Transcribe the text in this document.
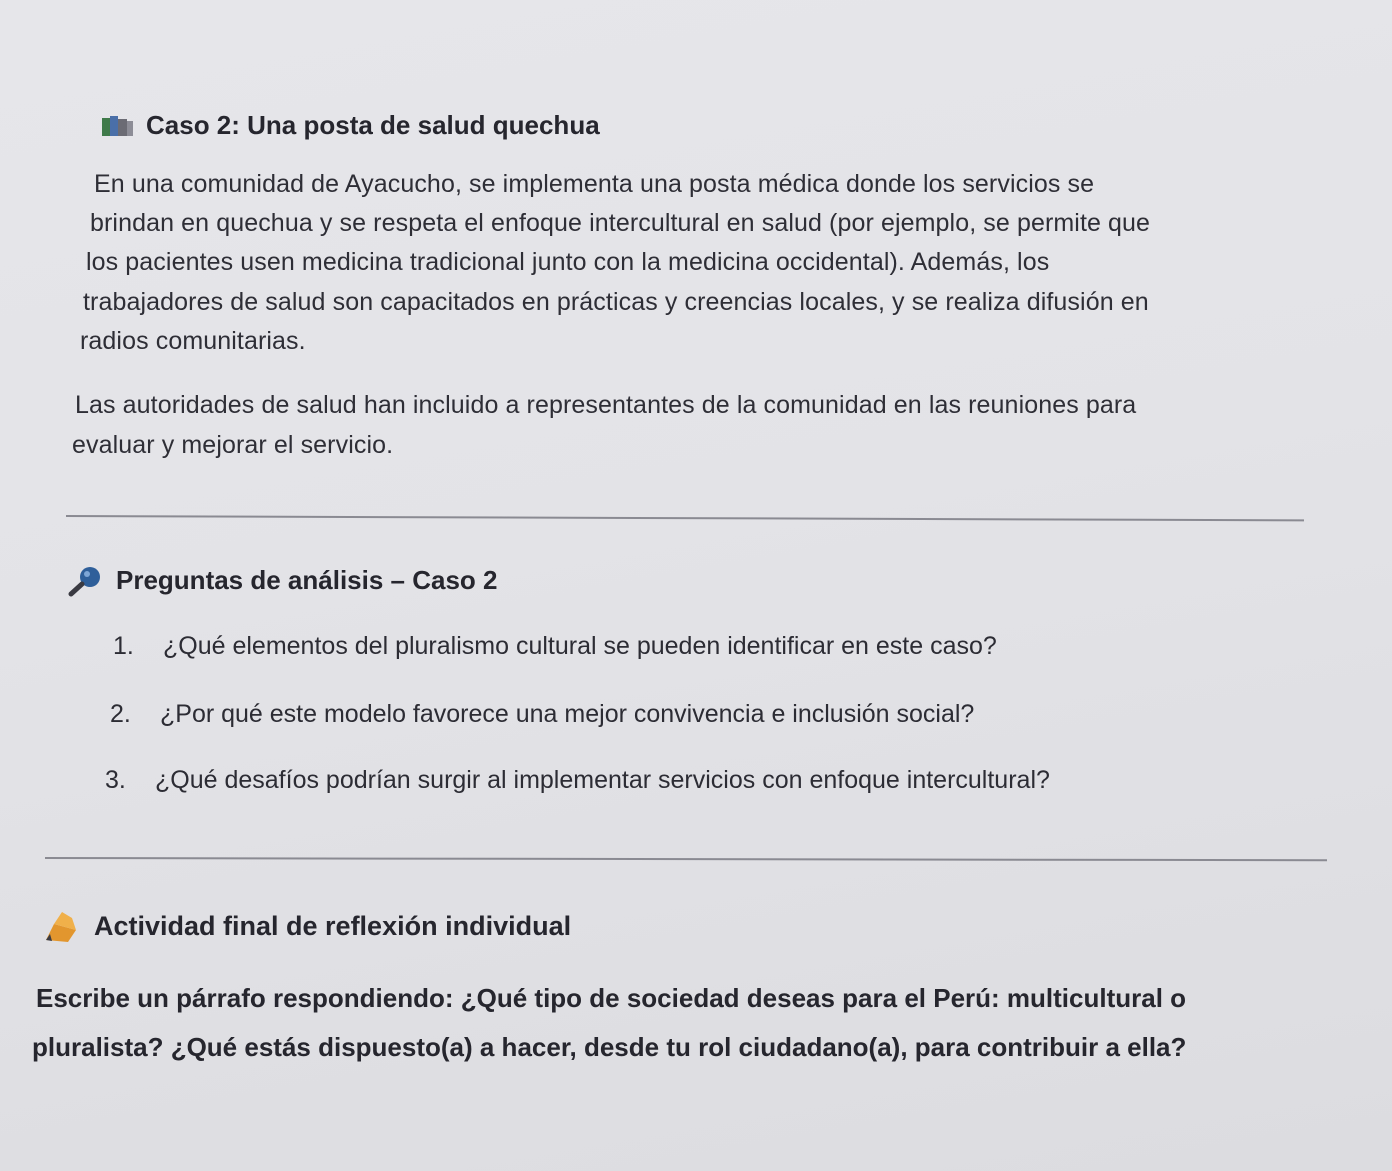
Caso 2: Una posta de salud quechua
En una comunidad de Ayacucho, se implementa una posta médica donde los servicios se
brindan en quechua y se respeta el enfoque intercultural en salud (por ejemplo, se permite que
los pacientes usen medicina tradicional junto con la medicina occidental). Además, los
trabajadores de salud son capacitados en prácticas y creencias locales, y se realiza difusión en
radios comunitarias.
Las autoridades de salud han incluido a representantes de la comunidad en las reuniones para
evaluar y mejorar el servicio.
Preguntas de análisis – Caso 2
1. ¿Qué elementos del pluralismo cultural se pueden identificar en este caso?
2. ¿Por qué este modelo favorece una mejor convivencia e inclusión social?
3. ¿Qué desafíos podrían surgir al implementar servicios con enfoque intercultural?
Actividad final de reflexión individual
Escribe un párrafo respondiendo: ¿Qué tipo de sociedad deseas para el Perú: multicultural o
pluralista? ¿Qué estás dispuesto(a) a hacer, desde tu rol ciudadano(a), para contribuir a ella?
